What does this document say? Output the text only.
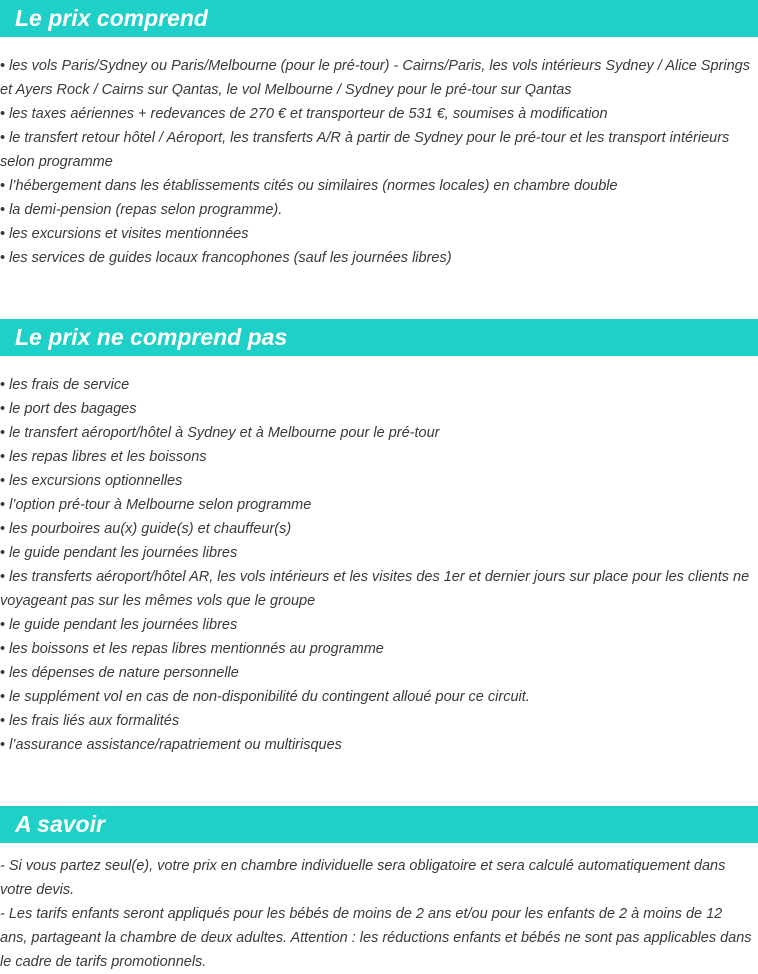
Le prix comprend
• les vols Paris/Sydney ou Paris/Melbourne (pour le pré-tour) - Cairns/Paris, les vols intérieurs Sydney / Alice Springs et Ayers Rock / Cairns sur Qantas, le vol Melbourne / Sydney pour le pré-tour sur Qantas
• les taxes aériennes + redevances de 270 € et transporteur de 531 €, soumises à modification
• le transfert retour hôtel / Aéroport, les transferts A/R à partir de Sydney pour le pré-tour et les transport intérieurs selon programme
• l’hébergement dans les établissements cités ou similaires (normes locales) en chambre double
• la demi-pension (repas selon programme).
• les excursions et visites mentionnées
• les services de guides locaux francophones (sauf les journées libres)
Le prix ne comprend pas
• les frais de service
• le port des bagages
• le transfert aéroport/hôtel à Sydney et à Melbourne pour le pré-tour
• les repas libres et les boissons
• les excursions optionnelles
• l’option pré-tour à Melbourne selon programme
• les pourboires au(x) guide(s) et chauffeur(s)
• le guide pendant les journées libres
• les transferts aéroport/hôtel AR, les vols intérieurs et les visites des 1er et dernier jours sur place pour les clients ne voyageant pas sur les mêmes vols que le groupe
• le guide pendant les journées libres
• les boissons et les repas libres mentionnés au programme
• les dépenses de nature personnelle
• le supplément vol en cas de non-disponibilité du contingent alloué pour ce circuit.
• les frais liés aux formalités
• l’assurance assistance/rapatriement ou multirisques
A savoir

- Si vous partez seul(e), votre prix en chambre individuelle sera obligatoire et sera calculé automatiquement dans votre devis.

- Les tarifs enfants seront appliqués pour les bébés de moins de 2 ans et/ou pour les enfants de 2 à moins de 12 ans, partageant la chambre de deux adultes. Attention : les réductions enfants et bébés ne sont pas applicables dans le cadre de tarifs promotionnels.
